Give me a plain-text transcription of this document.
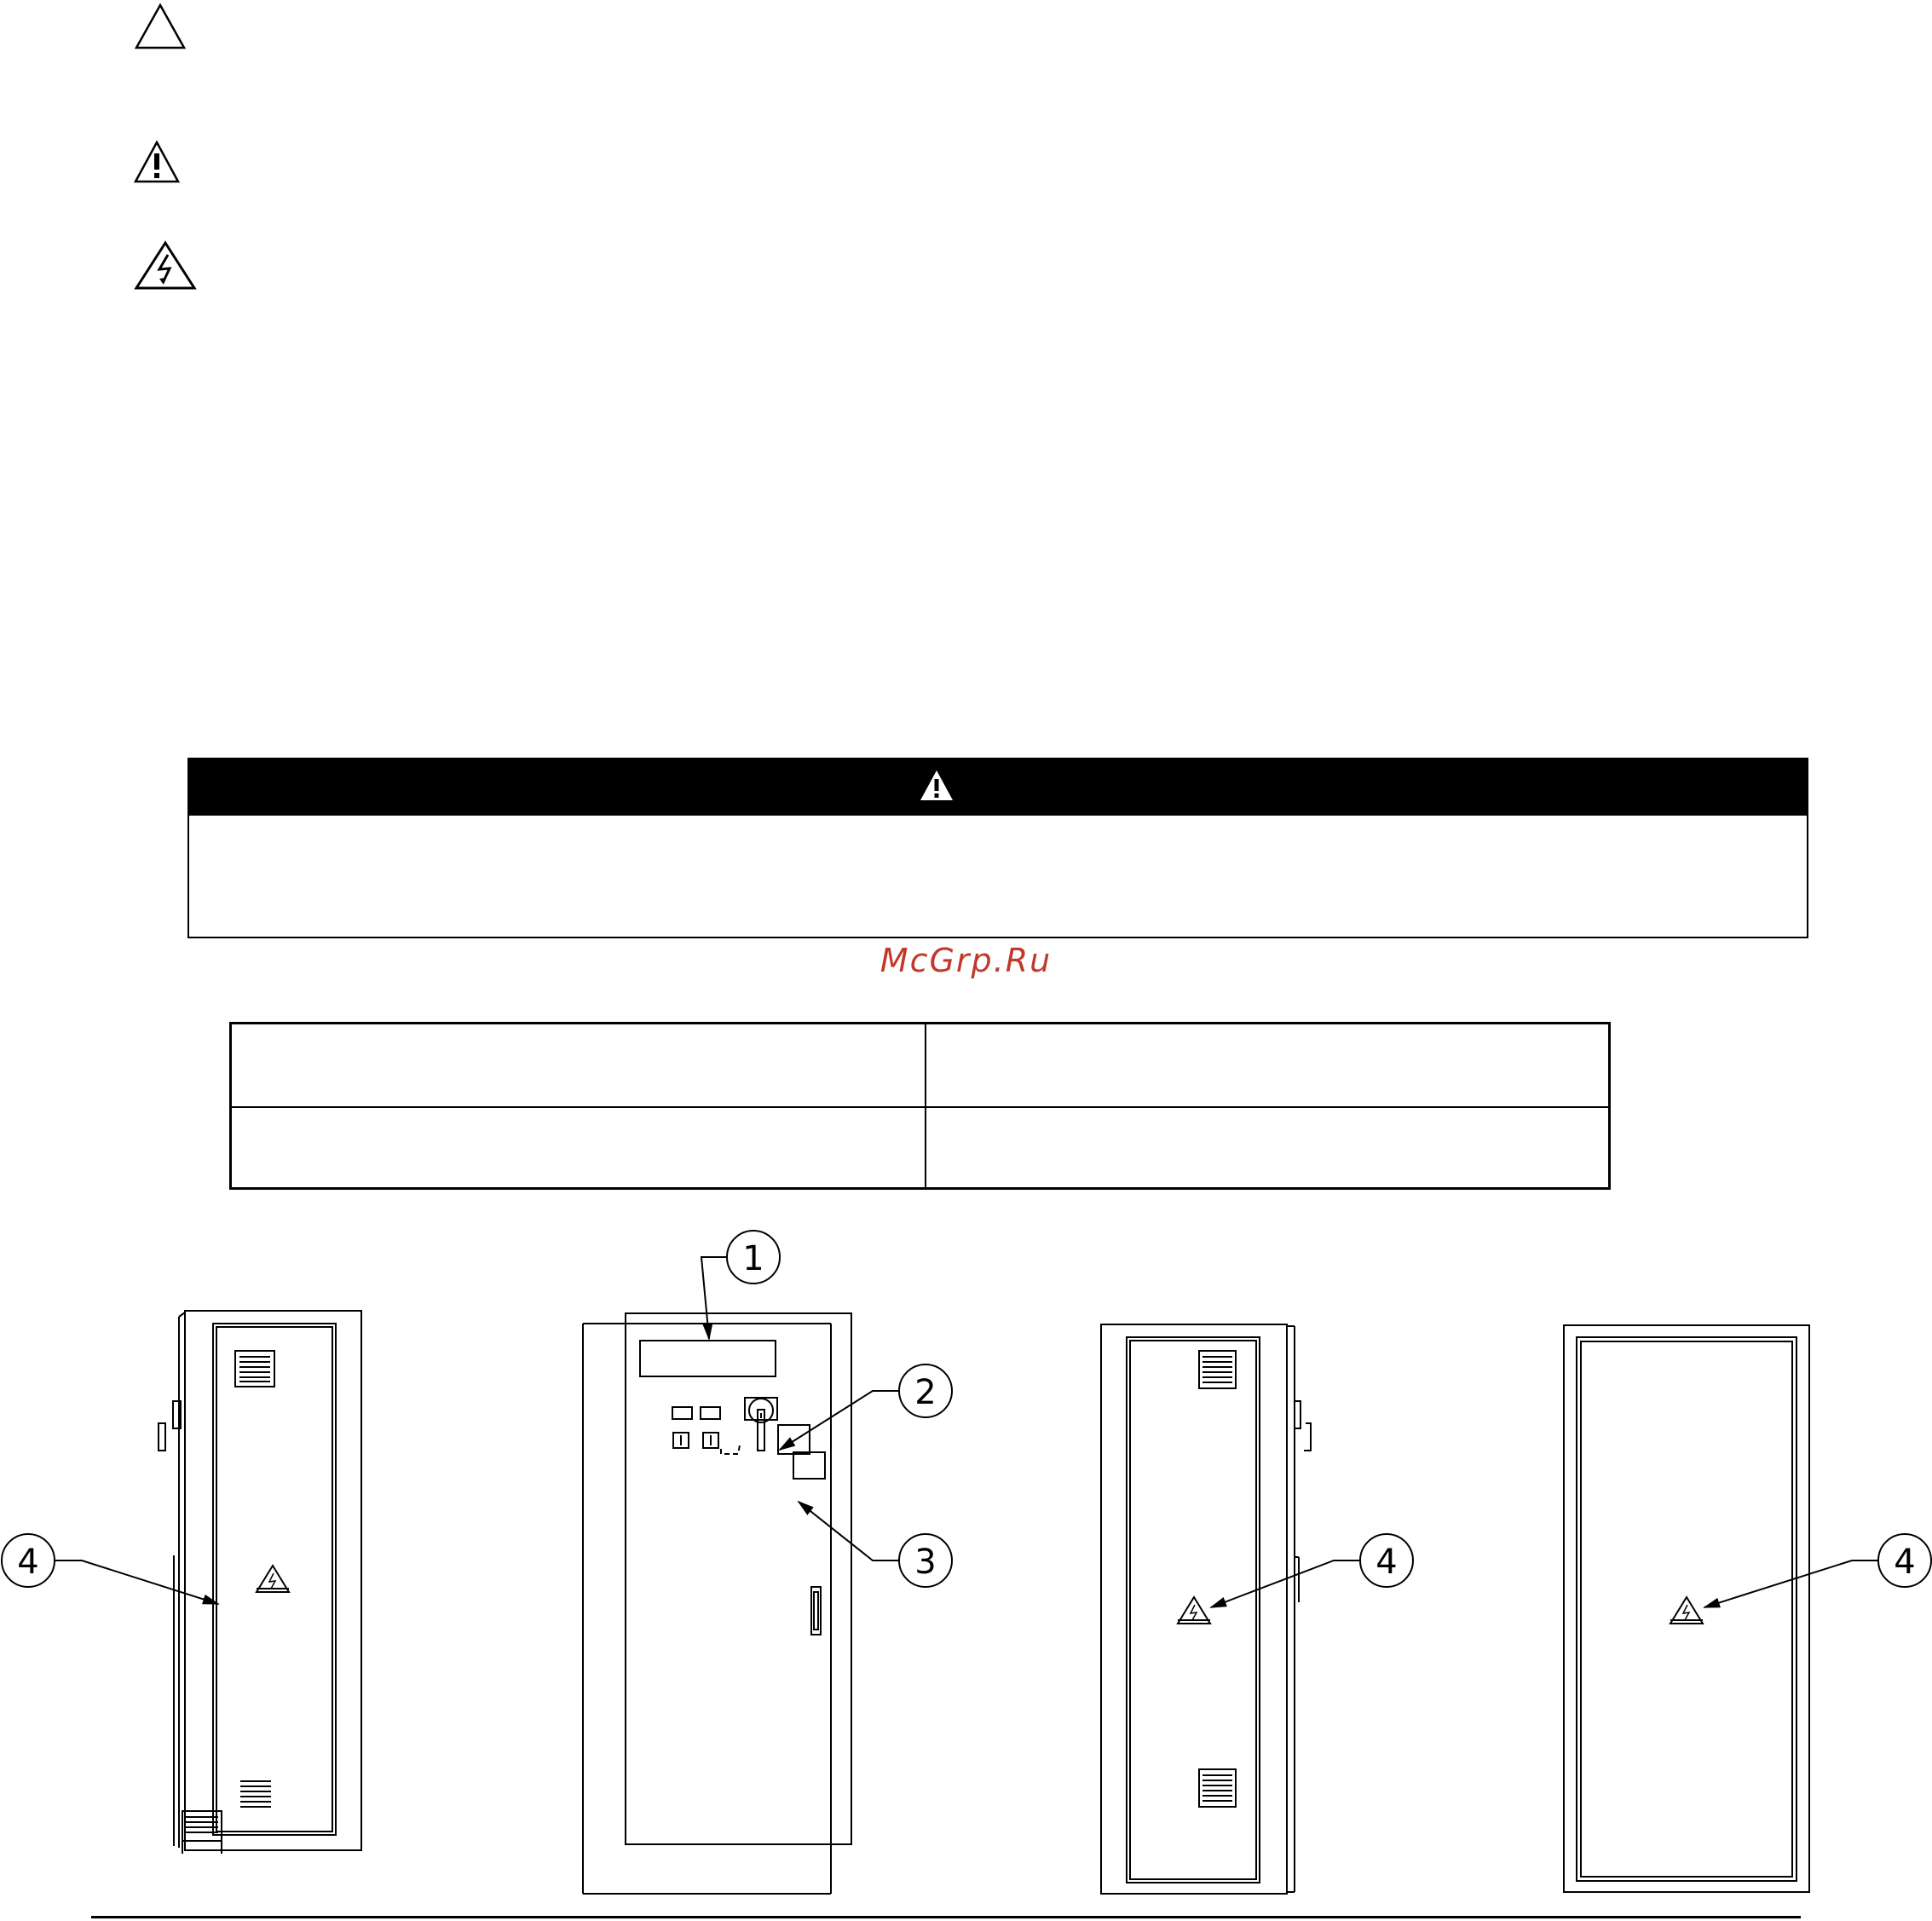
McGrp.Ru
1
2
3
4	4	4
